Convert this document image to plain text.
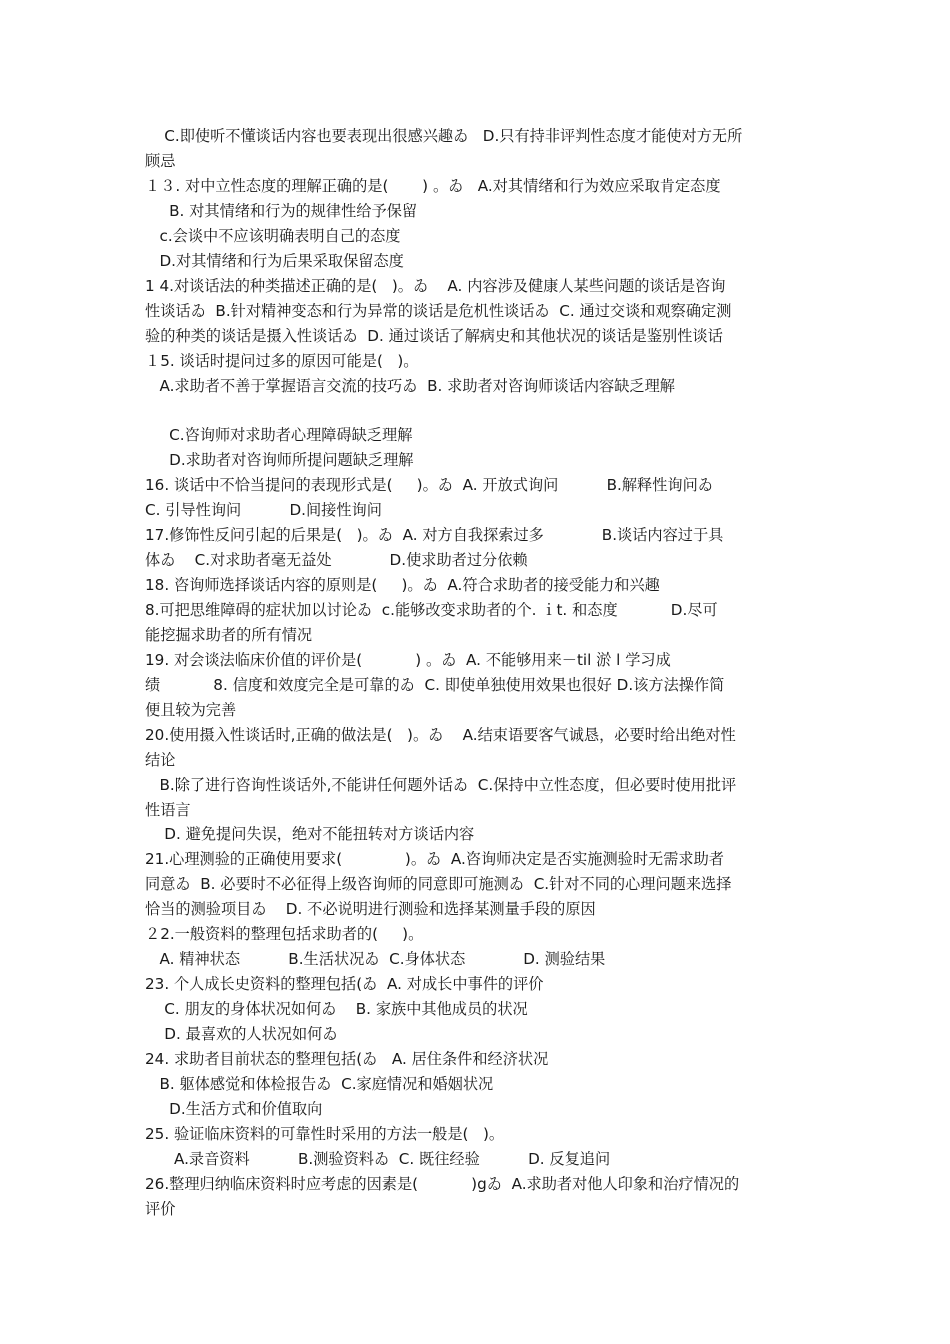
C.即使听不懂谈话内容也要表现出很感兴趣ゐ   D.只有持非评判性态度才能使对方无所
顾忌
１３. 对中立性态度的理解正确的是(       ) 。ゐ   A.对其情绪和行为效应采取肯定态度
B. 对其情绪和行为的规律性给予保留
c.会谈中不应该明确表明自己的态度
D.对其情绪和行为后果采取保留态度
1 4.对谈话法的种类描述正确的是(   )。ゐ    A. 内容涉及健康人某些问题的谈话是咨询
性谈话ゐ  B.针对精神变态和行为异常的谈话是危机性谈话ゐ  C. 通过交谈和观察确定测
验的种类的谈话是摄入性谈话ゐ  D. 通过谈话了解病史和其他状况的谈话是鉴别性谈话
１5. 谈话时提问过多的原因可能是(   )。
A.求助者不善于掌握语言交流的技巧ゐ  B. 求助者对咨询师谈话内容缺乏理解
C.咨询师对求助者心理障碍缺乏理解
D.求助者对咨询师所提问题缺乏理解
16. 谈话中不恰当提问的表现形式是(     )。ゐ  A. 开放式询问          B.解释性询问ゐ
C. 引导性询问          D.间接性询问
17.修饰性反问引起的后果是(   )。ゐ  A. 对方自我探索过多            B.谈话内容过于具
体ゐ    C.对求助者毫无益处            D.使求助者过分依赖
18. 咨询师选择谈话内容的原则是(     )。ゐ  A.符合求助者的接受能力和兴趣
8.可把思维障碍的症状加以讨论ゐ  c.能够改变求助者的个. ｉt. 和态度           D.尽可
能挖掘求助者的所有情况
19. 对会谈法临床价值的评价是(           ) 。ゐ  A. 不能够用来－til 淤 l 学习成
绩           8. 信度和效度完全是可靠的ゐ  C. 即使单独使用效果也很好 D.该方法操作简
便且较为完善
20.使用摄入性谈话时,正确的做法是(   )。ゐ    A.结束语要客气诚恳，必要时给出绝对性
结论
B.除了进行咨询性谈话外,不能讲任何题外话ゐ  C.保持中立性态度，但必要时使用批评
性语言
D. 避免提问失误，绝对不能扭转对方谈话内容
21.心理测验的正确使用要求(             )。ゐ  A.咨询师决定是否实施测验时无需求助者
同意ゐ  B. 必要时不必征得上级咨询师的同意即可施测ゐ  C.针对不同的心理问题来选择
恰当的测验项目ゐ    D. 不必说明进行测验和选择某测量手段的原因
２2.一般资料的整理包括求助者的(     )。
A. 精神状态          B.生活状况ゐ  C.身体状态            D. 测验结果
23. 个人成长史资料的整理包括(ゐ  A. 对成长中事件的评价
C. 朋友的身体状况如何ゐ    B. 家族中其他成员的状况
D. 最喜欢的人状况如何ゐ
24. 求助者目前状态的整理包括(ゐ   A. 居住条件和经济状况
B. 躯体感觉和体检报告ゐ  C.家庭情况和婚姻状况
D.生活方式和价值取向
25. 验证临床资料的可靠性时采用的方法一般是(   )。
A.录音资料          B.测验资料ゐ  C. 既往经验          D. 反复追问
26.整理归纳临床资料时应考虑的因素是(           )gゐ  A.求助者对他人印象和治疗情况的
评价
